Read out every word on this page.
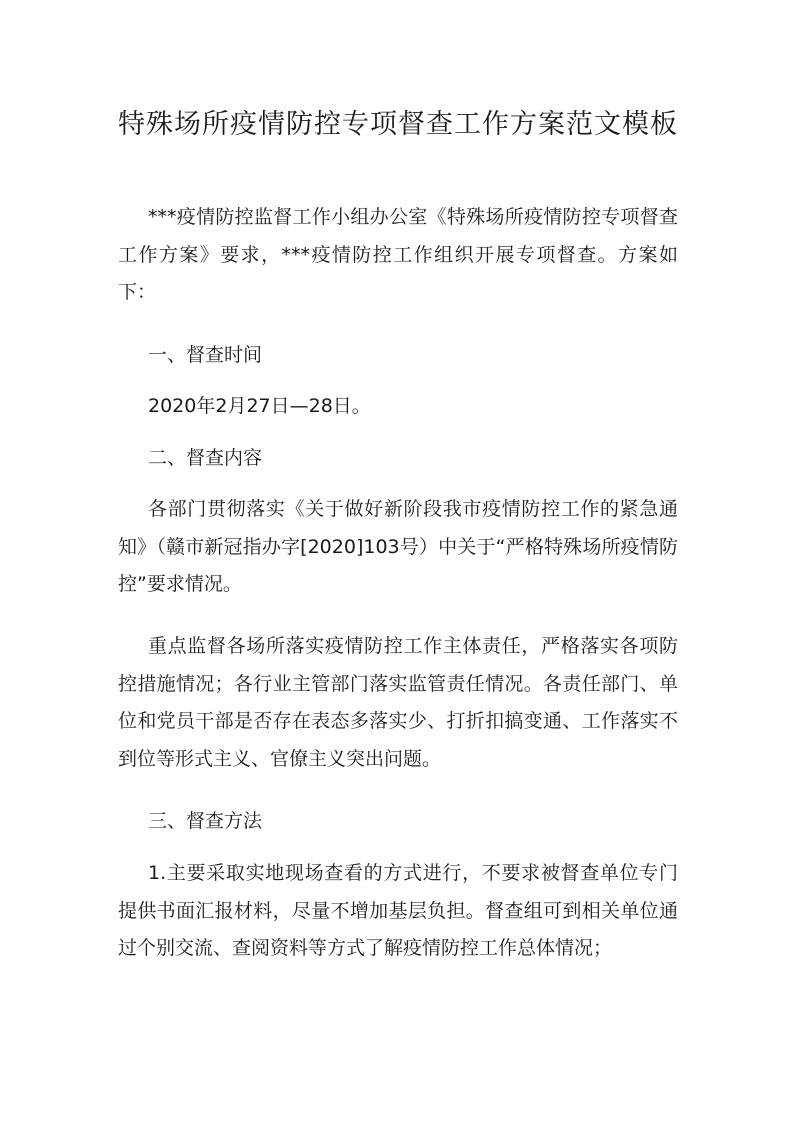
特殊场所疫情防控专项督查工作方案范文模板

***疫情防控监督工作小组办公室《特殊场所疫情防控专项督查工作方案》要求，***疫情防控工作组织开展专项督查。方案如下：

一、督查时间

2020年2月27日—28日。

二、督查内容

各部门贯彻落实《关于做好新阶段我市疫情防控工作的紧急通知》（赣市新冠指办字[2020]103号）中关于“严格特殊场所疫情防控”要求情况。

重点监督各场所落实疫情防控工作主体责任，严格落实各项防控措施情况；各行业主管部门落实监管责任情况。各责任部门、单位和党员干部是否存在表态多落实少、打折扣搞变通、工作落实不到位等形式主义、官僚主义突出问题。

三、督查方法

1.主要采取实地现场查看的方式进行，不要求被督查单位专门提供书面汇报材料，尽量不增加基层负担。督查组可到相关单位通过个别交流、查阅资料等方式了解疫情防控工作总体情况；
